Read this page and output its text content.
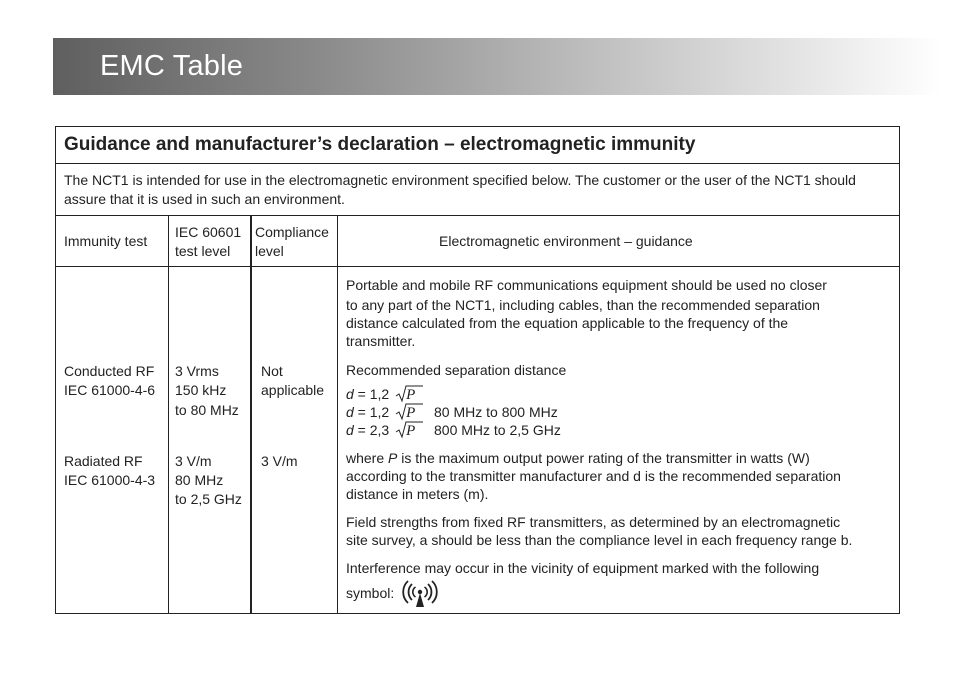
EMC Table
Guidance and manufacturer’s declaration – electromagnetic immunity
The NCT1 is intended for use in the electromagnetic environment specified below. The customer or the user of the NCT1 should assure that it is used in such an environment.
Immunity test
IEC 60601
test level
Compliance
level
Electromagnetic environment – guidance
Conducted RF
IEC 61000-4-6
3 Vrms
150 kHz
to 80 MHz
Not
applicable
Radiated RF
IEC 61000-4-3
3 V/m
80 MHz
to 2,5 GHz
3 V/m
Portable and mobile RF communications equipment should be used no closer
to any part of the NCT1, including cables, than the recommended separation
distance calculated from the equation applicable to the frequency of the
transmitter.
Recommended separation distance
d = 1,2 P
d = 1,2 P 80 MHz to 800 MHz
d = 2,3 P 800 MHz to 2,5 GHz
where P is the maximum output power rating of the transmitter in watts (W)
according to the transmitter manufacturer and d is the recommended separation
distance in meters (m).
Field strengths from fixed RF transmitters, as determined by an electromagnetic
site survey, a should be less than the compliance level in each frequency range b.
Interference may occur in the vicinity of equipment marked with the following
symbol:
